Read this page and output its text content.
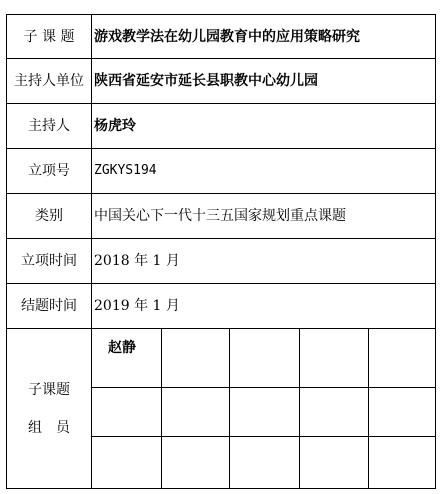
子 课 题	游戏教学法在幼儿园教育中的应用策略研究				
主持人单位	陕西省延安市延长县职教中心幼儿园				
主持人	杨虎玲				
立项号	ZGKYS194				
类别	中国关心下一代十三五国家规划重点课题				
立项时间	2018 年 1 月				
结题时间	2019 年 1 月				

子课题
组　员	赵静				
